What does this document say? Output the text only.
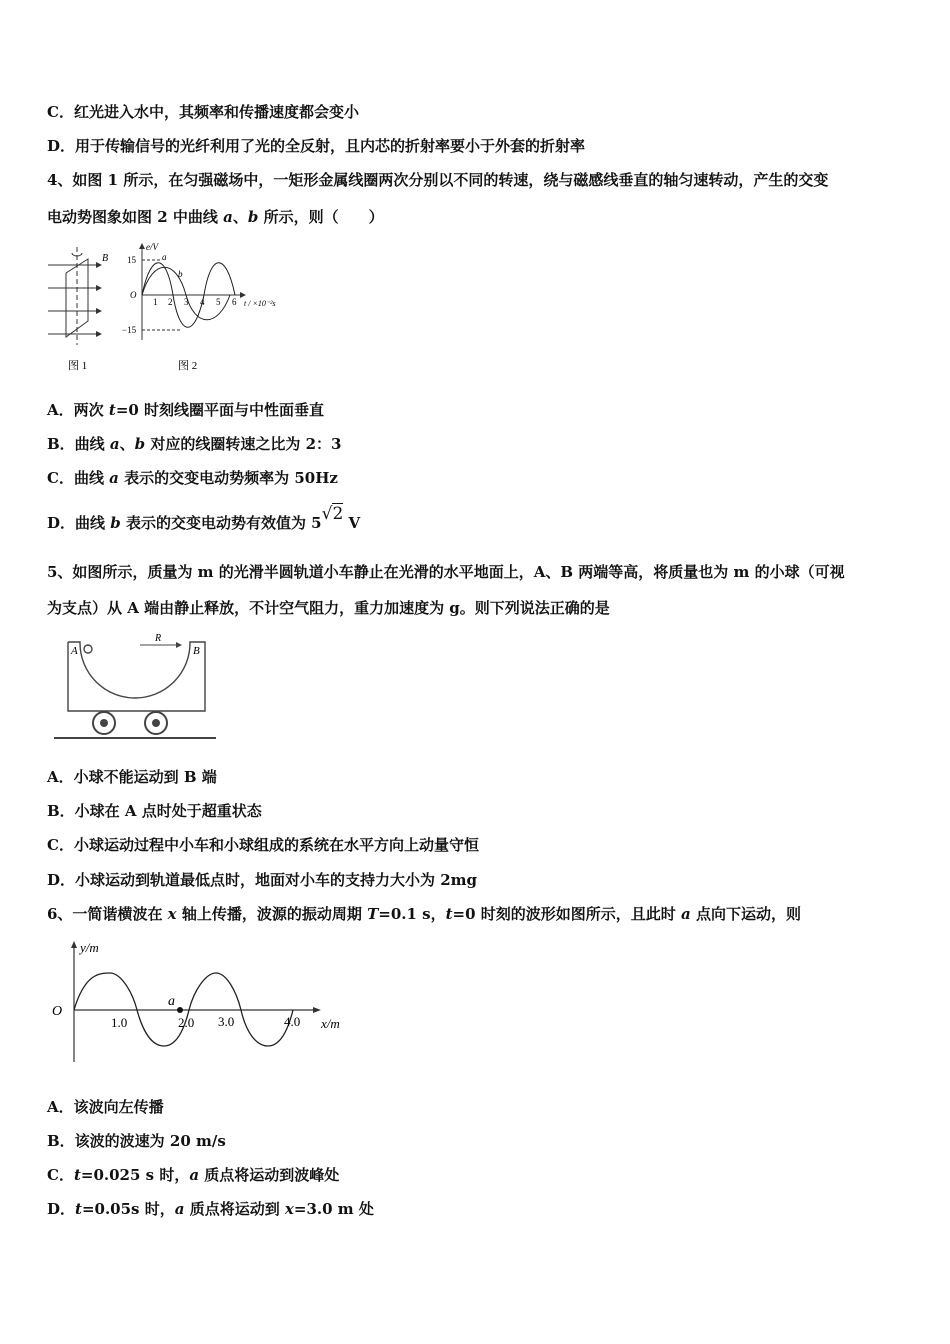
C．红光进入水中，其频率和传播速度都会变小
D．用于传输信号的光纤利用了光的全反射，且内芯的折射率要小于外套的折射率
4、如图 1 所示，在匀强磁场中，一矩形金属线圈两次分别以不同的转速，绕与磁感线垂直的轴匀速转动，产生的交变
电动势图象如图 2 中曲线 a、b 所示，则（　　）
B
图 1
e/V
15
−15
O
a
b
1 2 3 4 5 6 t / ×10⁻²s
图 2
A．两次 t=0 时刻线圈平面与中性面垂直
B．曲线 a、b 对应的线圈转速之比为 2：3
C．曲线 a 表示的交变电动势频率为 50Hz
D．曲线 b 表示的交变电动势有效值为 5√2 V
5、如图所示，质量为 m 的光滑半圆轨道小车静止在光滑的水平地面上，A、B 两端等高，将质量也为 m 的小球（可视
为支点）从 A 端由静止释放，不计空气阻力，重力加速度为 g。则下列说法正确的是
A	B
R
A．小球不能运动到 B 端
B．小球在 A 点时处于超重状态
C．小球运动过程中小车和小球组成的系统在水平方向上动量守恒
D．小球运动到轨道最低点时，地面对小车的支持力大小为 2mg
6、一简谐横波在 x 轴上传播，波源的振动周期 T=0.1 s，t=0 时刻的波形如图所示，且此时 a 点向下运动，则
y/m
O
a
1.0	2.0 3.0	4.0 x/m
A．该波向左传播
B．该波的波速为 20 m/s
C．t=0.025 s 时，a 质点将运动到波峰处
D．t=0.05s 时，a 质点将运动到 x=3.0 m 处
